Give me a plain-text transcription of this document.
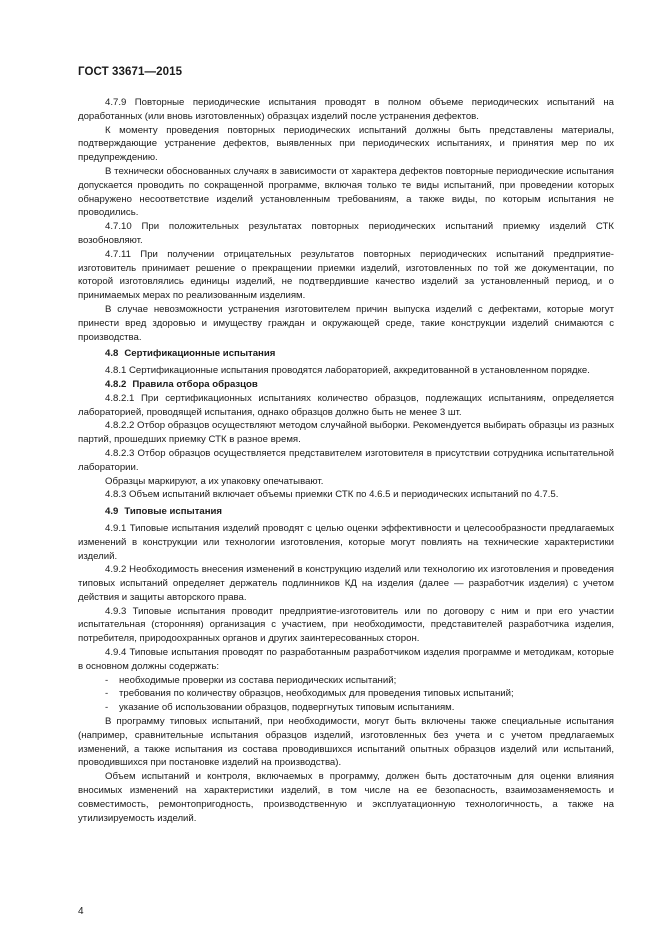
ГОСТ 33671—2015

4.7.9 Повторные периодические испытания проводят в полном объеме периодических испытаний на доработанных (или вновь изготовленных) образцах изделий после устранения дефектов.

К моменту проведения повторных периодических испытаний должны быть представлены материалы, подтверждающие устранение дефектов, выявленных при периодических испытаниях, и принятия мер по их предупреждению.

В технически обоснованных случаях в зависимости от характера дефектов повторные периодические испытания допускается проводить по сокращенной программе, включая только те виды испытаний, при проведении которых обнаружено несоответствие изделий установленным требованиям, а также виды, по которым испытания не проводились.

4.7.10 При положительных результатах повторных периодических испытаний приемку изделий СТК возобновляют.

4.7.11 При получении отрицательных результатов повторных периодических испытаний предприятие-изготовитель принимает решение о прекращении приемки изделий, изготовленных по той же документации, по которой изготовлялись единицы изделий, не подтвердившие качество изделий за установленный период, и о принимаемых мерах по реализованным изделиям.

В случае невозможности устранения изготовителем причин выпуска изделий с дефектами, которые могут принести вред здоровью и имуществу граждан и окружающей среде, такие конструкции изделий снимаются с производства.

4.8 Сертификационные испытания

4.8.1 Сертификационные испытания проводятся лабораторией, аккредитованной в установленном порядке.

4.8.2 Правила отбора образцов

4.8.2.1 При сертификационных испытаниях количество образцов, подлежащих испытаниям, определяется лабораторией, проводящей испытания, однако образцов должно быть не менее 3 шт.

4.8.2.2 Отбор образцов осуществляют методом случайной выборки. Рекомендуется выбирать образцы из разных партий, прошедших приемку СТК в разное время.

4.8.2.3 Отбор образцов осуществляется представителем изготовителя в присутствии сотрудника испытательной лаборатории.

Образцы маркируют, а их упаковку опечатывают.

4.8.3 Объем испытаний включает объемы приемки СТК по 4.6.5 и периодических испытаний по 4.7.5.

4.9 Типовые испытания

4.9.1 Типовые испытания изделий проводят с целью оценки эффективности и целесообразности предлагаемых изменений в конструкции или технологии изготовления, которые могут повлиять на технические характеристики изделий.

4.9.2 Необходимость внесения изменений в конструкцию изделий или технологию их изготовления и проведения типовых испытаний определяет держатель подлинников КД на изделия (далее — разработчик изделия) с учетом действия и защиты авторского права.

4.9.3 Типовые испытания проводит предприятие-изготовитель или по договору с ним и при его участии испытательная (сторонняя) организация с участием, при необходимости, представителей разработчика изделия, потребителя, природоохранных органов и других заинтересованных сторон.

4.9.4 Типовые испытания проводят по разработанным разработчиком изделия программе и методикам, которые в основном должны содержать:

- необходимые проверки из состава периодических испытаний;

- требования по количеству образцов, необходимых для проведения типовых испытаний;

- указание об использовании образцов, подвергнутых типовым испытаниям.

В программу типовых испытаний, при необходимости, могут быть включены также специальные испытания (например, сравнительные испытания образцов изделий, изготовленных без учета и с учетом предлагаемых изменений, а также испытания из состава проводившихся испытаний опытных образцов изделий или испытаний, проводившихся при постановке изделий на производства).

Объем испытаний и контроля, включаемых в программу, должен быть достаточным для оценки влияния вносимых изменений на характеристики изделий, в том числе на ее безопасность, взаимозаменяемость и совместимость, ремонтопригодность, производственную и эксплуатационную технологичность, а также на утилизируемость изделий.

4
